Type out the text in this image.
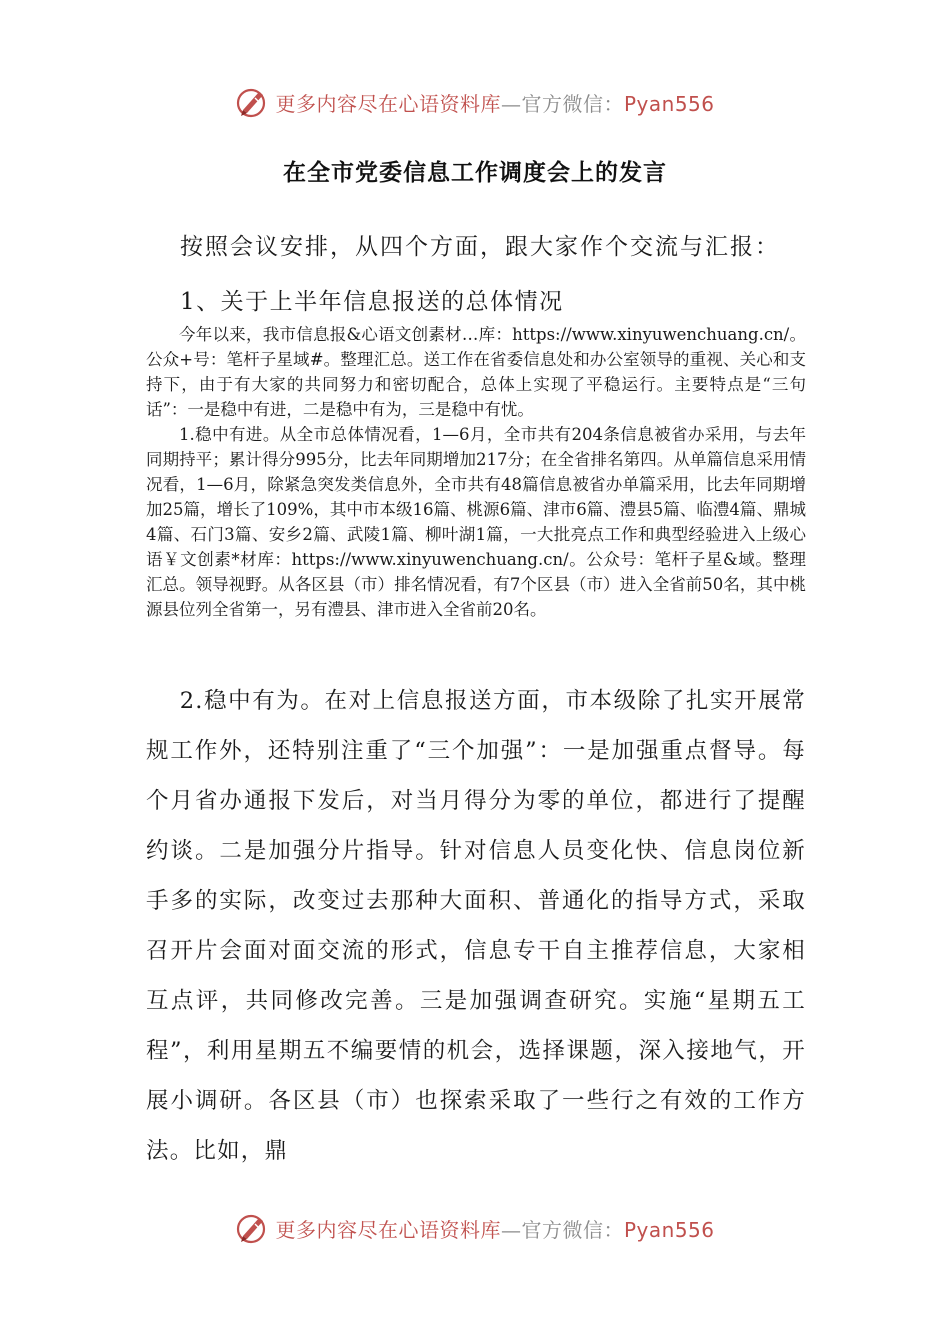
更多内容尽在心语资料库—官方微信：Pyan556
在全市党委信息工作调度会上的发言
按照会议安排，从四个方面，跟大家作个交流与汇报：
1、关于上半年信息报送的总体情况

今年以来，我市信息报&心语文创素材…库：https://www.xinyuwenchuang.cn/。公众+号：笔杆子星域#。整理汇总。送工作在省委信息处和办公室领导的重视、关心和支持下，由于有大家的共同努力和密切配合，总体上实现了平稳运行。主要特点是“三句话”：一是稳中有进，二是稳中有为，三是稳中有忧。

1.稳中有进。从全市总体情况看，1—6月，全市共有204条信息被省办采用，与去年同期持平；累计得分995分，比去年同期增加217分；在全省排名第四。从单篇信息采用情况看，1—6月，除紧急突发类信息外，全市共有48篇信息被省办单篇采用，比去年同期增加25篇，增长了109%，其中市本级16篇、桃源6篇、津市6篇、澧县5篇、临澧4篇、鼎城4篇、石门3篇、安乡2篇、武陵1篇、柳叶湖1篇，一大批亮点工作和典型经验进入上级心语￥文创素*材库：https://www.xinyuwenchuang.cn/。公众号：笔杆子星&域。整理汇总。领导视野。从各区县（市）排名情况看，有7个区县（市）进入全省前50名，其中桃源县位列全省第一，另有澧县、津市进入全省前20名。

2.稳中有为。在对上信息报送方面，市本级除了扎实开展常规工作外，还特别注重了“三个加强”：一是加强重点督导。每个月省办通报下发后，对当月得分为零的单位，都进行了提醒约谈。二是加强分片指导。针对信息人员变化快、信息岗位新手多的实际，改变过去那种大面积、普通化的指导方式，采取召开片会面对面交流的形式，信息专干自主推荐信息，大家相互点评，共同修改完善。三是加强调查研究。实施“星期五工程”，利用星期五不编要情的机会，选择课题，深入接地气，开展小调研。各区县（市）也探索采取了一些行之有效的工作方法。比如，鼎

更多内容尽在心语资料库—官方微信：Pyan556
